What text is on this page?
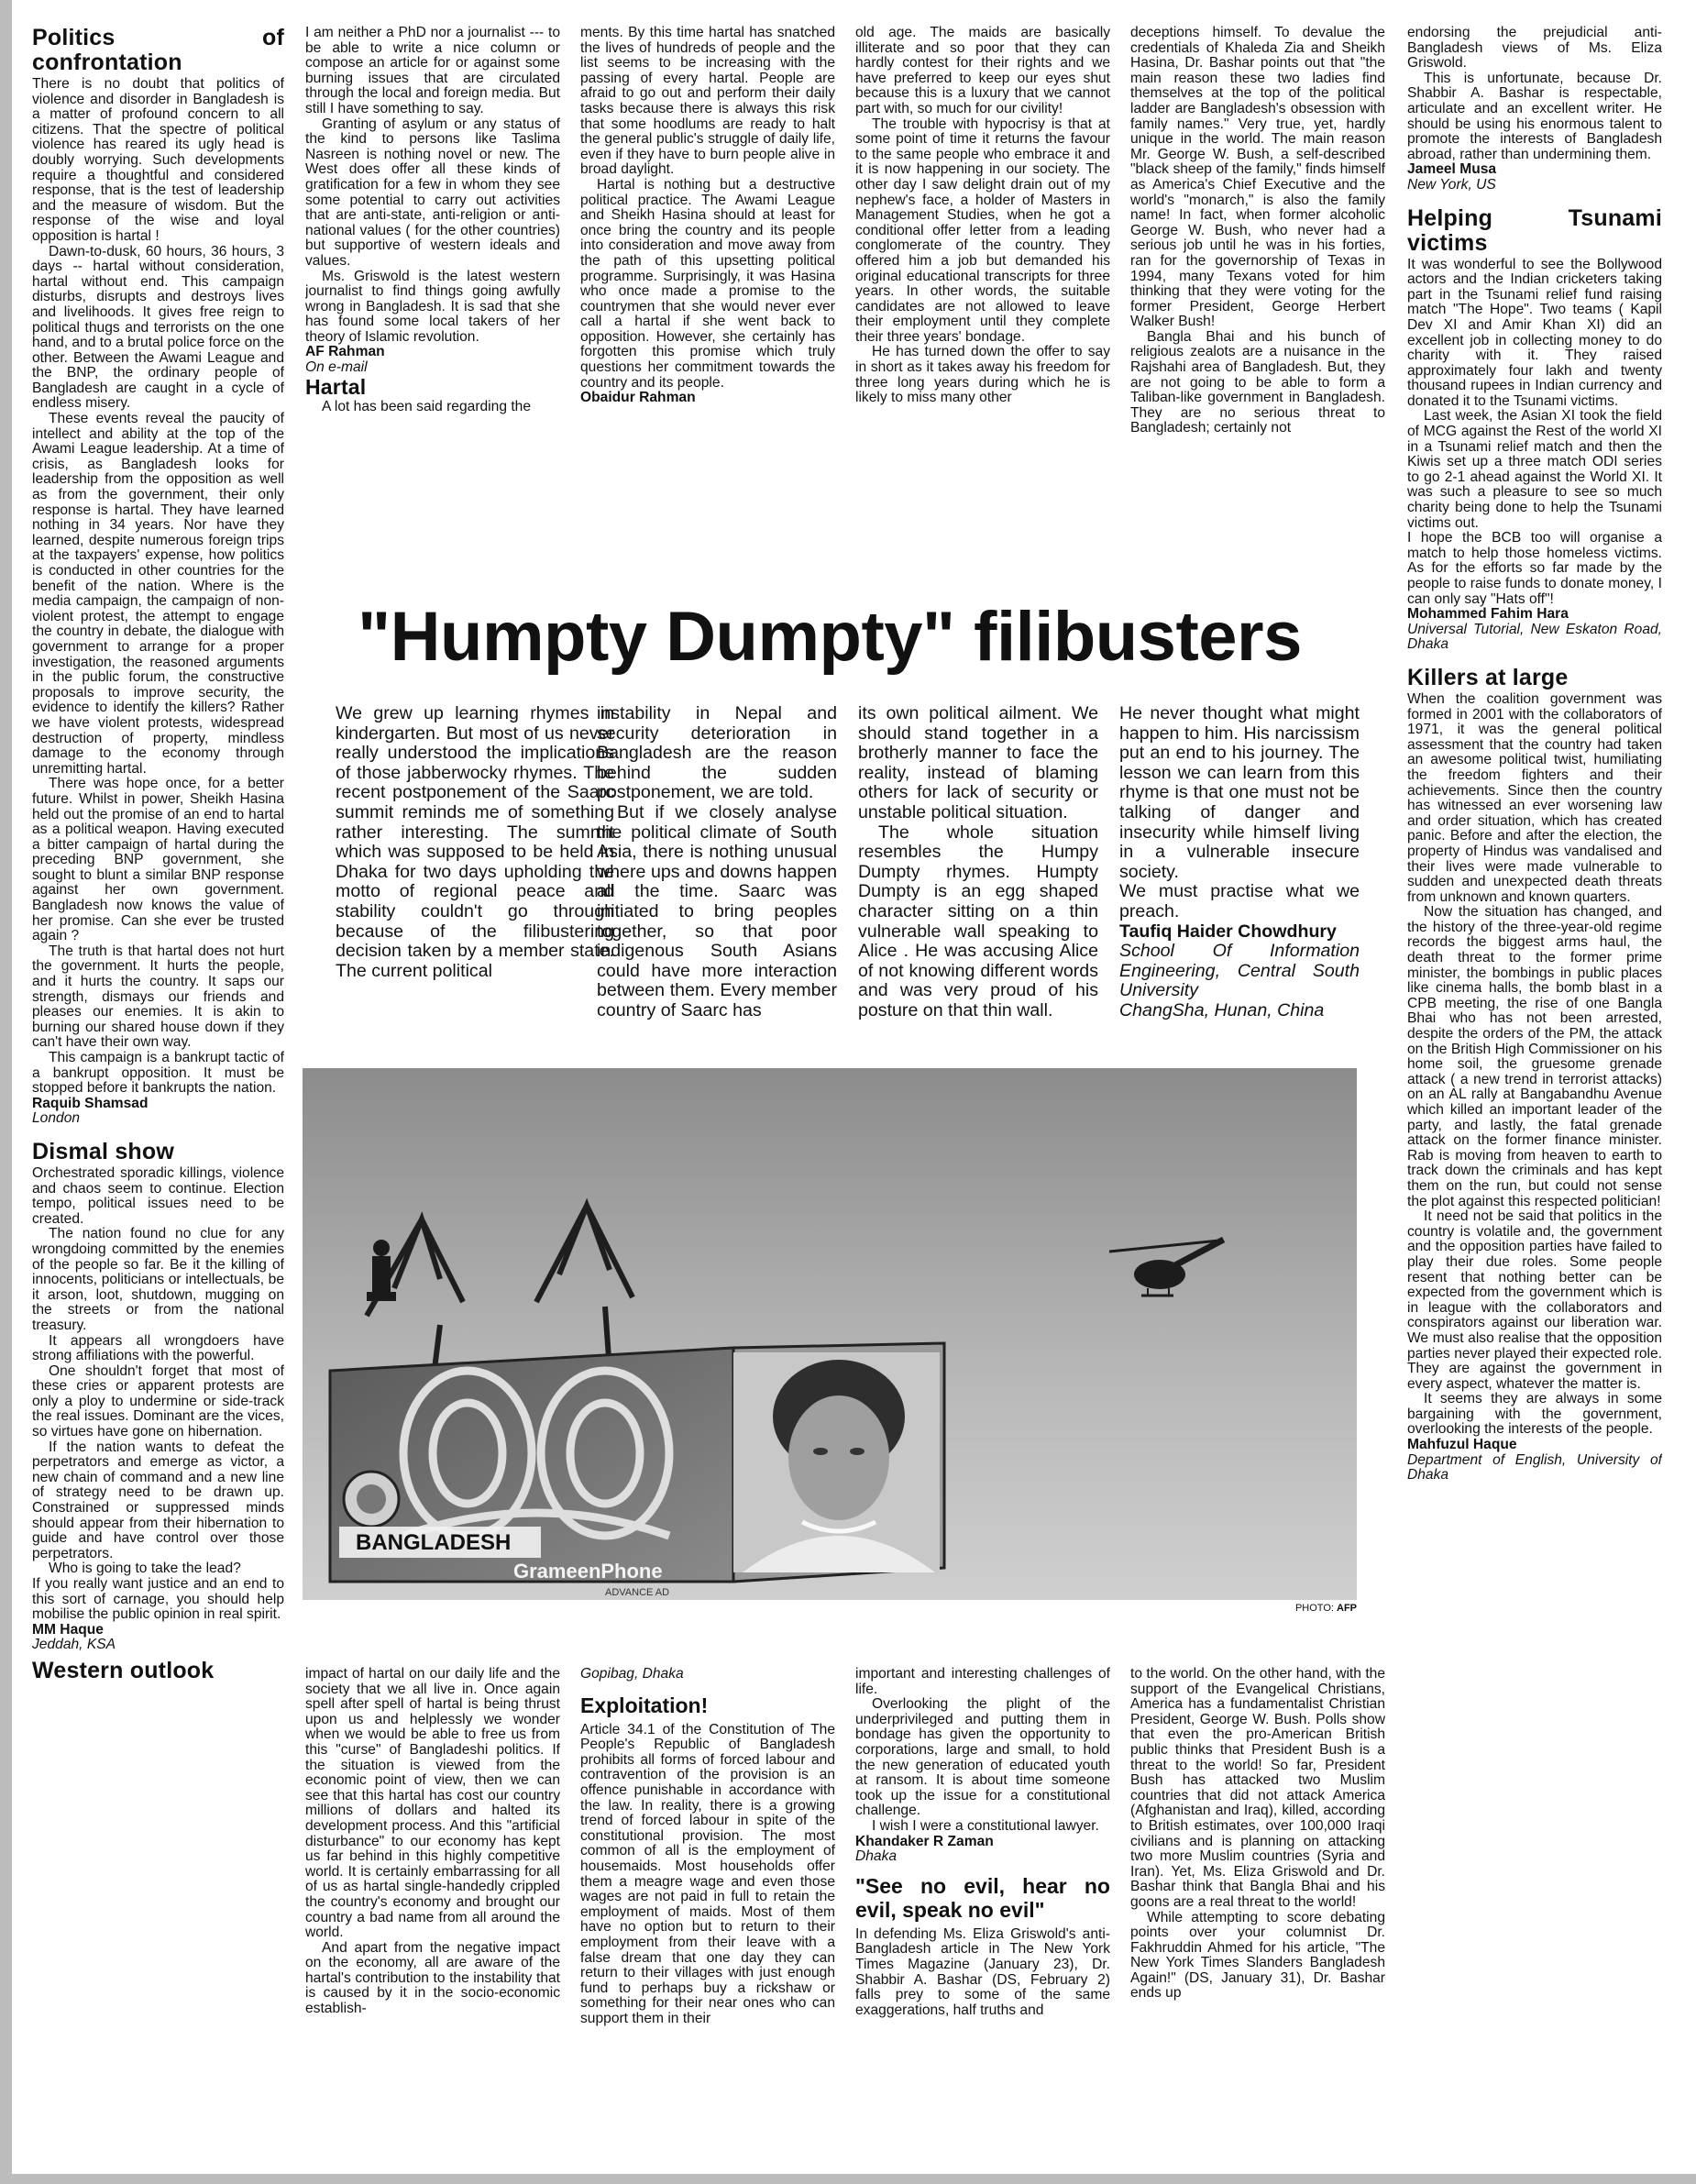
Politics of confrontation

There is no doubt that politics of violence and disorder in Bangladesh is a matter of profound concern to all citizens. That the spectre of political violence has reared its ugly head is doubly worrying. Such developments require a thoughtful and considered response, that is the test of leadership and the measure of wisdom. But the response of the wise and loyal opposition is hartal !

Dawn-to-dusk, 60 hours, 36 hours, 3 days -- hartal without consideration, hartal without end. This campaign disturbs, disrupts and destroys lives and livelihoods. It gives free reign to political thugs and terrorists on the one hand, and to a brutal police force on the other. Between the Awami League and the BNP, the ordinary people of Bangladesh are caught in a cycle of endless misery.

These events reveal the paucity of intellect and ability at the top of the Awami League leadership. At a time of crisis, as Bangladesh looks for leadership from the opposition as well as from the government, their only response is hartal. They have learned nothing in 34 years. Nor have they learned, despite numerous foreign trips at the taxpayers' expense, how politics is conducted in other countries for the benefit of the nation. Where is the media campaign, the campaign of non-violent protest, the attempt to engage the country in debate, the dialogue with government to arrange for a proper investigation, the reasoned arguments in the public forum, the constructive proposals to improve security, the evidence to identify the killers? Rather we have violent protests, widespread destruction of property, mindless damage to the economy through unremitting hartal.

There was hope once, for a better future. Whilst in power, Sheikh Hasina held out the promise of an end to hartal as a political weapon. Having executed a bitter campaign of hartal during the preceding BNP government, she sought to blunt a similar BNP response against her own government. Bangladesh now knows the value of her promise. Can she ever be trusted again ?

The truth is that hartal does not hurt the government. It hurts the people, and it hurts the country. It saps our strength, dismays our friends and pleases our enemies. It is akin to burning our shared house down if they can't have their own way.

This campaign is a bankrupt tactic of a bankrupt opposition. It must be stopped before it bankrupts the nation.

Raquib Shamsad

London

Dismal show

Orchestrated sporadic killings, violence and chaos seem to continue. Election tempo, political issues need to be created.

The nation found no clue for any wrongdoing committed by the enemies of the people so far. Be it the killing of innocents, politicians or intellectuals, be it arson, loot, shutdown, mugging on the streets or from the national treasury.

It appears all wrongdoers have strong affiliations with the powerful.

One shouldn't forget that most of these cries or apparent protests are only a ploy to undermine or side-track the real issues. Dominant are the vices, so virtues have gone on hibernation.

If the nation wants to defeat the perpetrators and emerge as victor, a new chain of command and a new line of strategy need to be drawn up. Constrained or suppressed minds should appear from their hibernation to guide and have control over those perpetrators.

Who is going to take the lead?

If you really want justice and an end to this sort of carnage, you should help mobilise the public opinion in real spirit.

MM Haque

Jeddah, KSA

Western outlook

I am neither a PhD nor a journalist --- to be able to write a nice column or compose an article for or against some burning issues that are circulated through the local and foreign media. But still I have something to say.

Granting of asylum or any status of the kind to persons like Taslima Nasreen is nothing novel or new. The West does offer all these kinds of gratification for a few in whom they see some potential to carry out activities that are anti-state, anti-religion or anti-national values ( for the other countries) but supportive of western ideals and values.

Ms. Griswold is the latest western journalist to find things going awfully wrong in Bangladesh. It is sad that she has found some local takers of her theory of Islamic revolution.

AF Rahman

On e-mail

Hartal

A lot has been said regarding the

ments. By this time hartal has snatched the lives of hundreds of people and the list seems to be increasing with the passing of every hartal. People are afraid to go out and perform their daily tasks because there is always this risk that some hoodlums are ready to halt the general public's struggle of daily life, even if they have to burn people alive in broad daylight.

Hartal is nothing but a destructive political practice. The Awami League and Sheikh Hasina should at least for once bring the country and its people into consideration and move away from the path of this upsetting political programme. Surprisingly, it was Hasina who once made a promise to the countrymen that she would never ever call a hartal if she went back to opposition. However, she certainly has forgotten this promise which truly questions her commitment towards the country and its people.

Obaidur Rahman

old age. The maids are basically illiterate and so poor that they can hardly contest for their rights and we have preferred to keep our eyes shut because this is a luxury that we cannot part with, so much for our civility!

The trouble with hypocrisy is that at some point of time it returns the favour to the same people who embrace it and it is now happening in our society. The other day I saw delight drain out of my nephew's face, a holder of Masters in Management Studies, when he got a conditional offer letter from a leading conglomerate of the country. They offered him a job but demanded his original educational transcripts for three years. In other words, the suitable candidates are not allowed to leave their employment until they complete their three years' bondage.

He has turned down the offer to say in short as it takes away his freedom for three long years during which he is likely to miss many other

deceptions himself. To devalue the credentials of Khaleda Zia and Sheikh Hasina, Dr. Bashar points out that "the main reason these two ladies find themselves at the top of the political ladder are Bangladesh's obsession with family names." Very true, yet, hardly unique in the world. The main reason Mr. George W. Bush, a self-described "black sheep of the family," finds himself as America's Chief Executive and the world's "monarch," is also the family name! In fact, when former alcoholic George W. Bush, who never had a serious job until he was in his forties, ran for the governorship of Texas in 1994, many Texans voted for him thinking that they were voting for the former President, George Herbert Walker Bush!

Bangla Bhai and his bunch of religious zealots are a nuisance in the Rajshahi area of Bangladesh. But, they are not going to be able to form a Taliban-like government in Bangladesh. They are no serious threat to Bangladesh; certainly not

endorsing the prejudicial anti-Bangladesh views of Ms. Eliza Griswold.

This is unfortunate, because Dr. Shabbir A. Bashar is respectable, articulate and an excellent writer. He should be using his enormous talent to promote the interests of Bangladesh abroad, rather than undermining them.

Jameel Musa

New York, US

Helping Tsunami victims

It was wonderful to see the Bollywood actors and the Indian cricketers taking part in the Tsunami relief fund raising match "The Hope". Two teams ( Kapil Dev XI and Amir Khan XI) did an excellent job in collecting money to do charity with it. They raised approximately four lakh and twenty thousand rupees in Indian currency and donated it to the Tsunami victims.

Last week, the Asian XI took the field of MCG against the Rest of the world XI in a Tsunami relief match and then the Kiwis set up a three match ODI series to go 2-1 ahead against the World XI. It was such a pleasure to see so much charity being done to help the Tsunami victims out.

I hope the BCB too will organise a match to help those homeless victims. As for the efforts so far made by the people to raise funds to donate money, I can only say "Hats off"!

Mohammed Fahim Hara

Universal Tutorial, New Eskaton Road, Dhaka

Killers at large

When the coalition government was formed in 2001 with the collaborators of 1971, it was the general political assessment that the country had taken an awesome political twist, humiliating the freedom fighters and their achievements. Since then the country has witnessed an ever worsening law and order situation, which has created panic. Before and after the election, the property of Hindus was vandalised and their lives were made vulnerable to sudden and unexpected death threats from unknown and known quarters.

Now the situation has changed, and the history of the three-year-old regime records the biggest arms haul, the death threat to the former prime minister, the bombings in public places like cinema halls, the bomb blast in a CPB meeting, the rise of one Bangla Bhai who has not been arrested, despite the orders of the PM, the attack on the British High Commissioner on his home soil, the gruesome grenade attack ( a new trend in terrorist attacks) on an AL rally at Bangabandhu Avenue which killed an important leader of the party, and lastly, the fatal grenade attack on the former finance minister. Rab is moving from heaven to earth to track down the criminals and has kept them on the run, but could not sense the plot against this respected politician!

It need not be said that politics in the country is volatile and, the government and the opposition parties have failed to play their due roles. Some people resent that nothing better can be expected from the government which is in league with the collaborators and conspirators against our liberation war. We must also realise that the opposition parties never played their expected role. They are against the government in every aspect, whatever the matter is.

It seems they are always in some bargaining with the government, overlooking the interests of the people.

Mahfuzul Haque

Department of English, University of Dhaka

"Humpty Dumpty" filibusters

We grew up learning rhymes in kindergarten. But most of us never really understood the implications of those jabberwocky rhymes. The recent postponement of the Saarc summit reminds me of something rather interesting. The summit which was supposed to be held in Dhaka for two days upholding the motto of regional peace and stability couldn't go through because of the filibustering decision taken by a member state. The current political

instability in Nepal and security deterioration in Bangladesh are the reason behind the sudden postponement, we are told.

But if we closely analyse the political climate of South Asia, there is nothing unusual where ups and downs happen all the time. Saarc was initiated to bring peoples together, so that poor indigenous South Asians could have more interaction between them. Every member country of Saarc has

its own political ailment. We should stand together in a brotherly manner to face the reality, instead of blaming others for lack of security or unstable political situation.

The whole situation resembles the Humpy Dumpty rhymes. Humpty Dumpty is an egg shaped character sitting on a thin vulnerable wall speaking to Alice . He was accusing Alice of not knowing different words and was very proud of his posture on that thin wall.

He never thought what might happen to him. His narcissism put an end to his journey. The lesson we can learn from this rhyme is that one must not be talking of danger and insecurity while himself living in a vulnerable insecure society.

We must practise what we preach.

Taufiq Haider Chowdhury

School Of Information Engineering, Central South University

ChangSha, Hunan, China

BANGLADESH
GrameenPhone
ADVANCE AD
PHOTO: AFP

impact of hartal on our daily life and the society that we all live in. Once again spell after spell of hartal is being thrust upon us and helplessly we wonder when we would be able to free us from this "curse" of Bangladeshi politics. If the situation is viewed from the economic point of view, then we can see that this hartal has cost our country millions of dollars and halted its development process. And this "artificial disturbance" to our economy has kept us far behind in this highly competitive world. It is certainly embarrassing for all of us as hartal single-handedly crippled the country's economy and brought our country a bad name from all around the world.

And apart from the negative impact on the economy, all are aware of the hartal's contribution to the instability that is caused by it in the socio-economic establish-

Gopibag, Dhaka

Exploitation!

Article 34.1 of the Constitution of The People's Republic of Bangladesh prohibits all forms of forced labour and contravention of the provision is an offence punishable in accordance with the law. In reality, there is a growing trend of forced labour in spite of the constitutional provision. The most common of all is the employment of housemaids. Most households offer them a meagre wage and even those wages are not paid in full to retain the employment of maids. Most of them have no option but to return to their employment from their leave with a false dream that one day they can return to their villages with just enough fund to perhaps buy a rickshaw or something for their near ones who can support them in their

important and interesting challenges of life.

Overlooking the plight of the underprivileged and putting them in bondage has given the opportunity to corporations, large and small, to hold the new generation of educated youth at ransom. It is about time someone took up the issue for a constitutional challenge.

I wish I were a constitutional lawyer.

Khandaker R Zaman

Dhaka

"See no evil, hear no evil, speak no evil"

In defending Ms. Eliza Griswold's anti-Bangladesh article in The New York Times Magazine (January 23), Dr. Shabbir A. Bashar (DS, February 2) falls prey to some of the same exaggerations, half truths and

to the world. On the other hand, with the support of the Evangelical Christians, America has a fundamentalist Christian President, George W. Bush. Polls show that even the pro-American British public thinks that President Bush is a threat to the world! So far, President Bush has attacked two Muslim countries that did not attack America (Afghanistan and Iraq), killed, according to British estimates, over 100,000 Iraqi civilians and is planning on attacking two more Muslim countries (Syria and Iran). Yet, Ms. Eliza Griswold and Dr. Bashar think that Bangla Bhai and his goons are a real threat to the world!

While attempting to score debating points over your columnist Dr. Fakhruddin Ahmed for his article, "The New York Times Slanders Bangladesh Again!" (DS, January 31), Dr. Bashar ends up
